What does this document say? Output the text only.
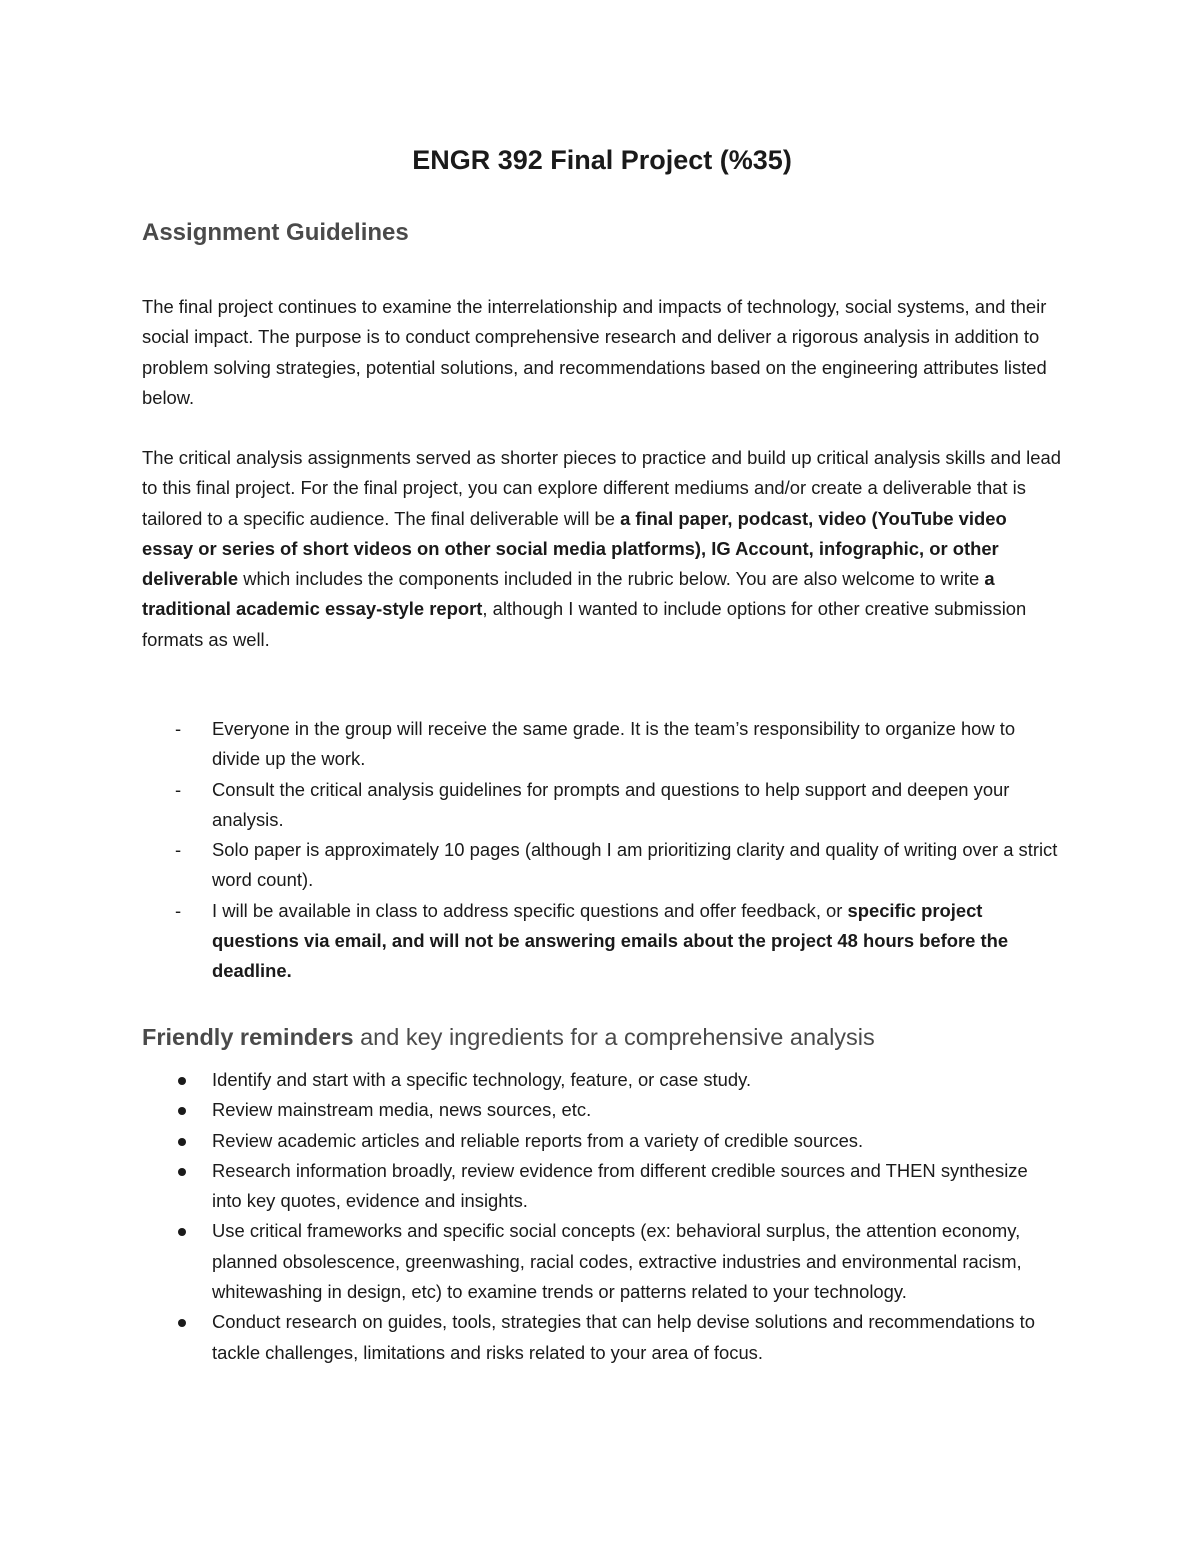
ENGR 392 Final Project (%35)
Assignment Guidelines

The final project continues to examine the interrelationship and impacts of technology, social systems, and their social impact. The purpose is to conduct comprehensive research and deliver a rigorous analysis in addition to problem solving strategies, potential solutions, and recommendations based on the engineering attributes listed below.

The critical analysis assignments served as shorter pieces to practice and build up critical analysis skills and lead to this final project. For the final project, you can explore different mediums and/or create a deliverable that is tailored to a specific audience. The final deliverable will be a final paper, podcast, video (YouTube video essay or series of short videos on other social media platforms), IG Account, infographic, or other deliverable which includes the components included in the rubric below. You are also welcome to write a traditional academic essay-style report, although I wanted to include options for other creative submission formats as well.

- Everyone in the group will receive the same grade. It is the team’s responsibility to organize how to divide up the work.
- Consult the critical analysis guidelines for prompts and questions to help support and deepen your analysis.
- Solo paper is approximately 10 pages (although I am prioritizing clarity and quality of writing over a strict word count).
- I will be available in class to address specific questions and offer feedback, or specific project questions via email, and will not be answering emails about the project 48 hours before the deadline.
Friendly reminders and key ingredients for a comprehensive analysis
Identify and start with a specific technology, feature, or case study.
Review mainstream media, news sources, etc.
Review academic articles and reliable reports from a variety of credible sources.
Research information broadly, review evidence from different credible sources and THEN synthesize into key quotes, evidence and insights.
Use critical frameworks and specific social concepts (ex: behavioral surplus, the attention economy, planned obsolescence, greenwashing, racial codes, extractive industries and environmental racism, whitewashing in design, etc) to examine trends or patterns related to your technology.
Conduct research on guides, tools, strategies that can help devise solutions and recommendations to tackle challenges, limitations and risks related to your area of focus.
